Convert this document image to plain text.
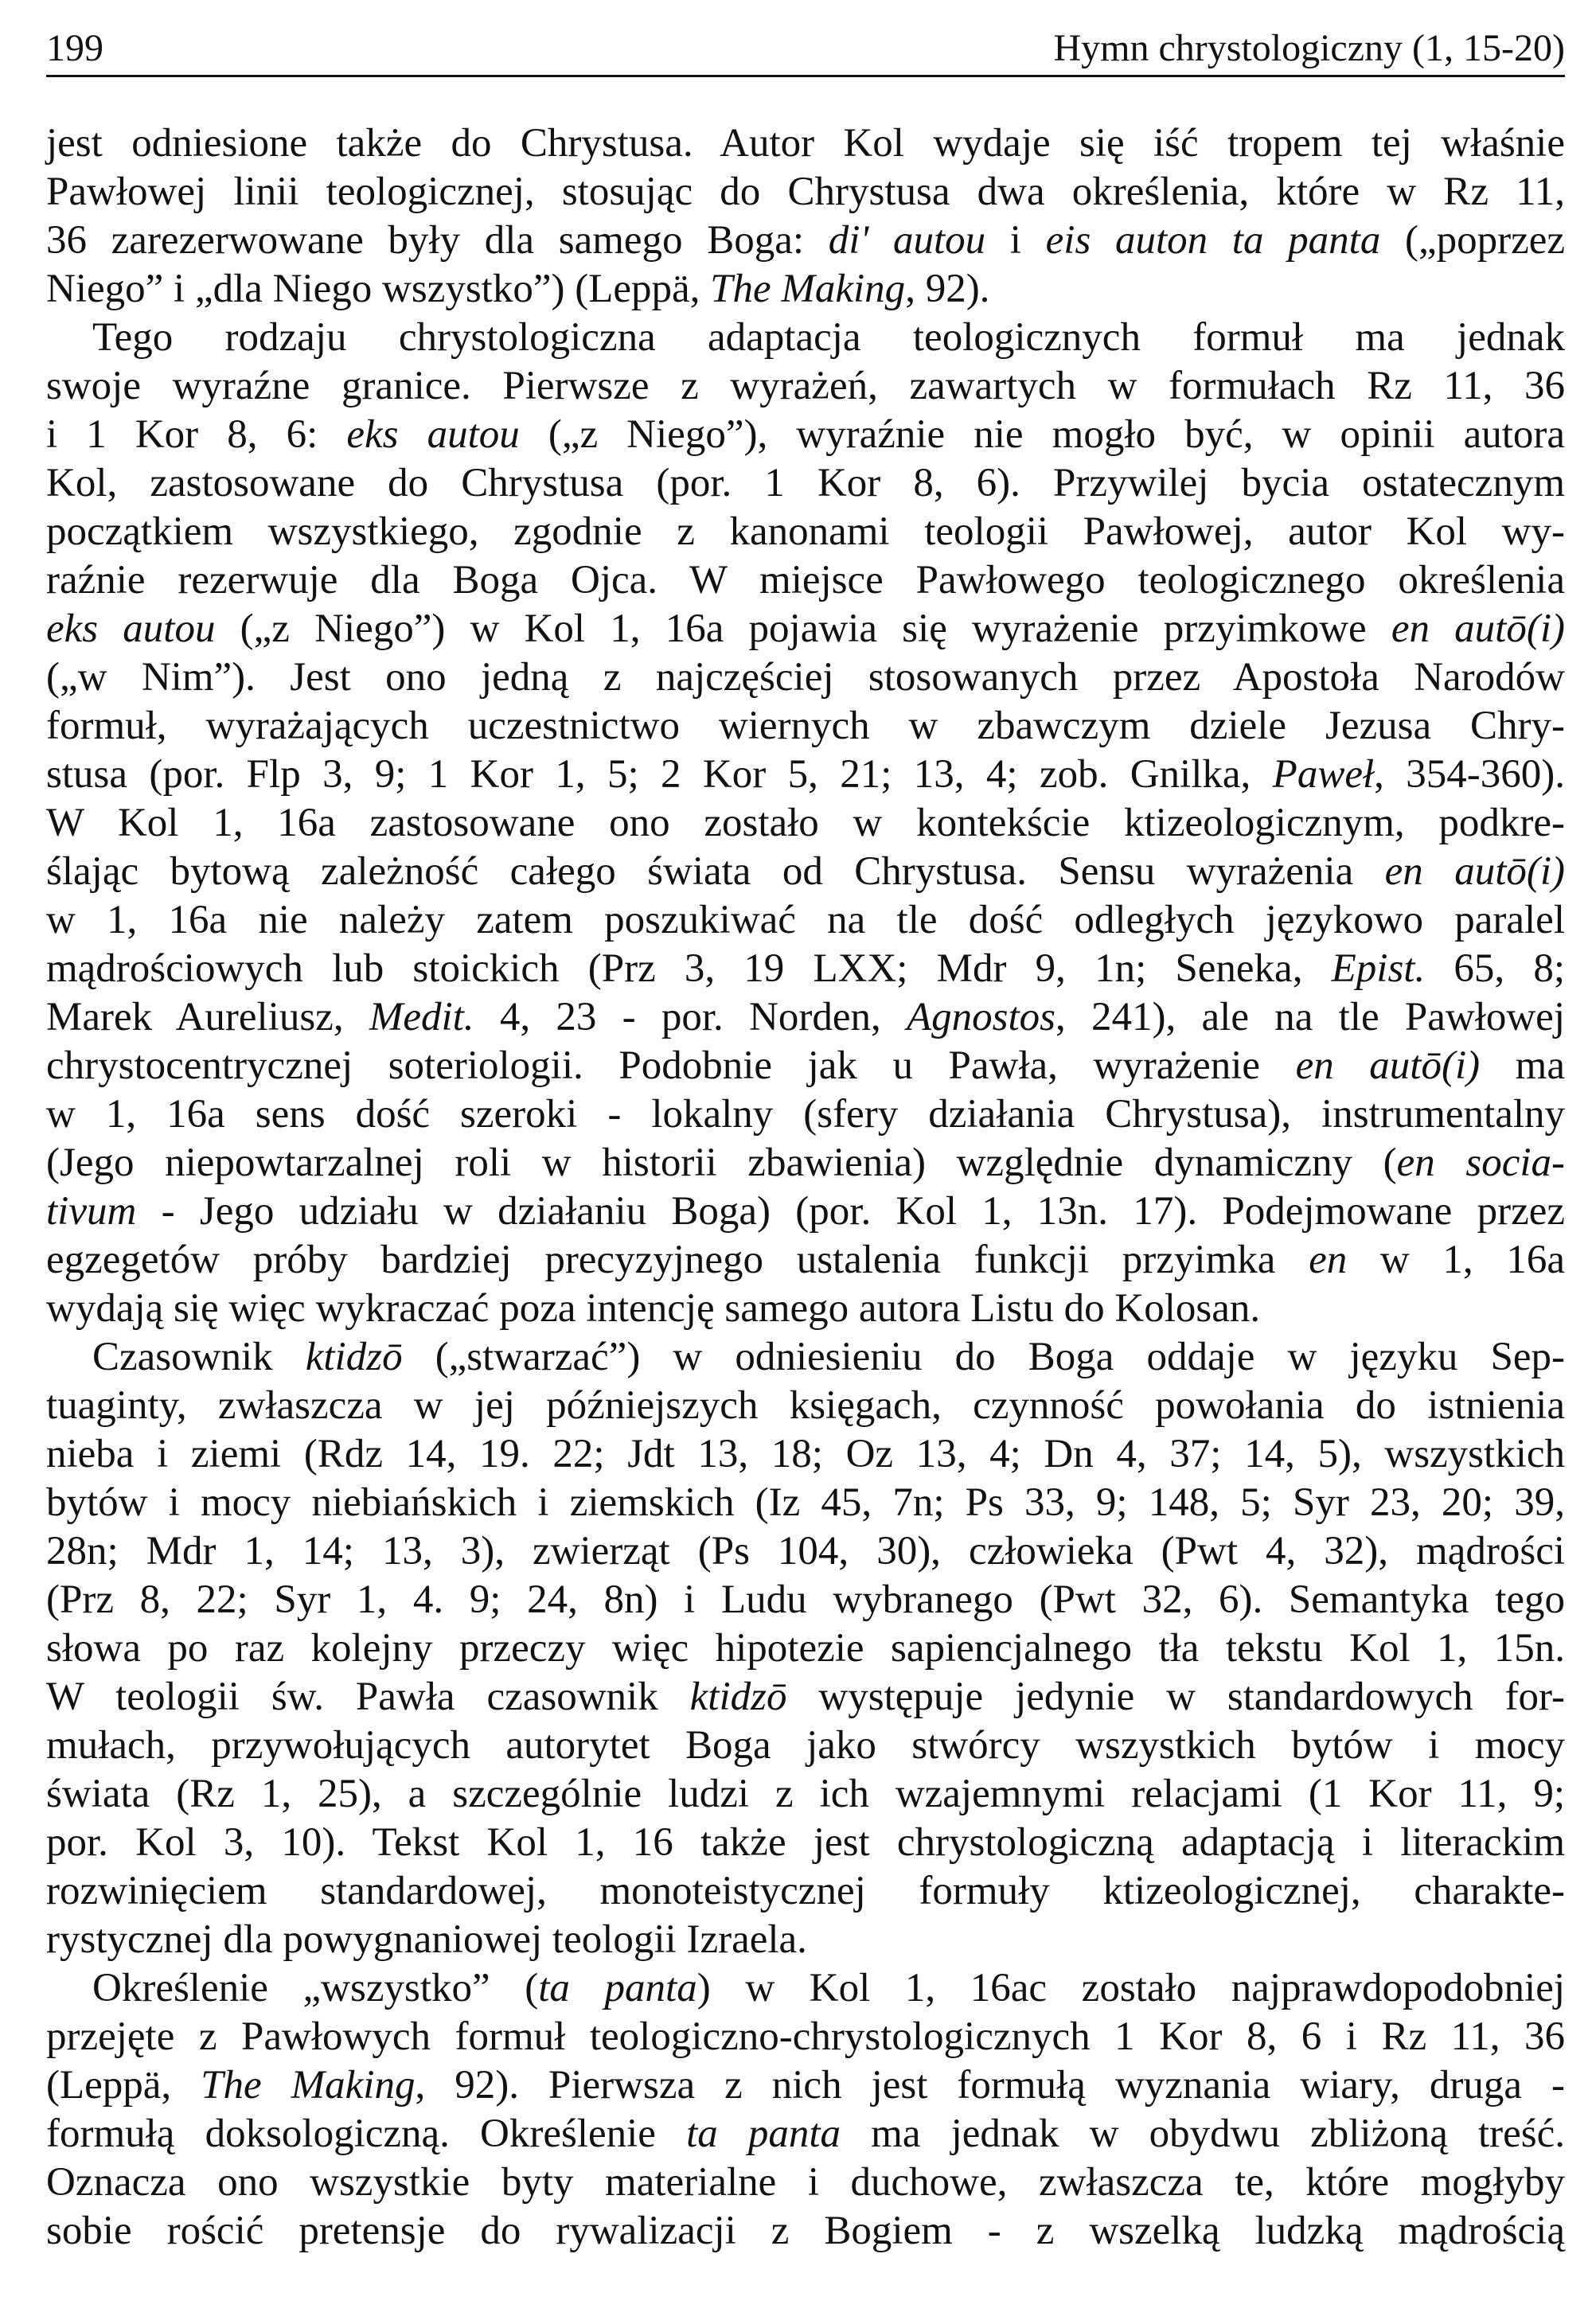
199	Hymn chrystologiczny (1, 15-20)
jest odniesione także do Chrystusa. Autor Kol wydaje się iść tropem tej właśnie
Pawłowej linii teologicznej, stosując do Chrystusa dwa określenia, które w Rz 11,
36 zarezerwowane były dla samego Boga: di' autou i eis auton ta panta („poprzez
Niego” i „dla Niego wszystko”) (Leppä, The Making, 92).
Tego rodzaju chrystologiczna adaptacja teologicznych formuł ma jednak
swoje wyraźne granice. Pierwsze z wyrażeń, zawartych w formułach Rz 11, 36
i 1 Kor 8, 6: eks autou („z Niego”), wyraźnie nie mogło być, w opinii autora
Kol, zastosowane do Chrystusa (por. 1 Kor 8, 6). Przywilej bycia ostatecznym
początkiem wszystkiego, zgodnie z kanonami teologii Pawłowej, autor Kol wy-
raźnie rezerwuje dla Boga Ojca. W miejsce Pawłowego teologicznego określenia
eks autou („z Niego”) w Kol 1, 16a pojawia się wyrażenie przyimkowe en autō(i)
(„w Nim”). Jest ono jedną z najczęściej stosowanych przez Apostoła Narodów
formuł, wyrażających uczestnictwo wiernych w zbawczym dziele Jezusa Chry-
stusa (por. Flp 3, 9; 1 Kor 1, 5; 2 Kor 5, 21; 13, 4; zob. Gnilka, Paweł, 354-360).
W Kol 1, 16a zastosowane ono zostało w kontekście ktizeologicznym, podkre-
ślając bytową zależność całego świata od Chrystusa. Sensu wyrażenia en autō(i)
w 1, 16a nie należy zatem poszukiwać na tle dość odległych językowo paralel
mądrościowych lub stoickich (Prz 3, 19 LXX; Mdr 9, 1n; Seneka, Epist. 65, 8;
Marek Aureliusz, Medit. 4, 23 - por. Norden, Agnostos, 241), ale na tle Pawłowej
chrystocentrycznej soteriologii. Podobnie jak u Pawła, wyrażenie en autō(i) ma
w 1, 16a sens dość szeroki - lokalny (sfery działania Chrystusa), instrumentalny
(Jego niepowtarzalnej roli w historii zbawienia) względnie dynamiczny (en socia-
tivum - Jego udziału w działaniu Boga) (por. Kol 1, 13n. 17). Podejmowane przez
egzegetów próby bardziej precyzyjnego ustalenia funkcji przyimka en w 1, 16a
wydają się więc wykraczać poza intencję samego autora Listu do Kolosan.
Czasownik ktidzō („stwarzać”) w odniesieniu do Boga oddaje w języku Sep-
tuaginty, zwłaszcza w jej późniejszych księgach, czynność powołania do istnienia
nieba i ziemi (Rdz 14, 19. 22; Jdt 13, 18; Oz 13, 4; Dn 4, 37; 14, 5), wszystkich
bytów i mocy niebiańskich i ziemskich (Iz 45, 7n; Ps 33, 9; 148, 5; Syr 23, 20; 39,
28n; Mdr 1, 14; 13, 3), zwierząt (Ps 104, 30), człowieka (Pwt 4, 32), mądrości
(Prz 8, 22; Syr 1, 4. 9; 24, 8n) i Ludu wybranego (Pwt 32, 6). Semantyka tego
słowa po raz kolejny przeczy więc hipotezie sapiencjalnego tła tekstu Kol 1, 15n.
W teologii św. Pawła czasownik ktidzō występuje jedynie w standardowych for-
mułach, przywołujących autorytet Boga jako stwórcy wszystkich bytów i mocy
świata (Rz 1, 25), a szczególnie ludzi z ich wzajemnymi relacjami (1 Kor 11, 9;
por. Kol 3, 10). Tekst Kol 1, 16 także jest chrystologiczną adaptacją i literackim
rozwinięciem standardowej, monoteistycznej formuły ktizeologicznej, charakte-
rystycznej dla powygnaniowej teologii Izraela.
Określenie „wszystko” (ta panta) w Kol 1, 16ac zostało najprawdopodobniej
przejęte z Pawłowych formuł teologiczno-chrystologicznych 1 Kor 8, 6 i Rz 11, 36
(Leppä, The Making, 92). Pierwsza z nich jest formułą wyznania wiary, druga -
formułą doksologiczną. Określenie ta panta ma jednak w obydwu zbliżoną treść.
Oznacza ono wszystkie byty materialne i duchowe, zwłaszcza te, które mogłyby
sobie rościć pretensje do rywalizacji z Bogiem - z wszelką ludzką mądrością
